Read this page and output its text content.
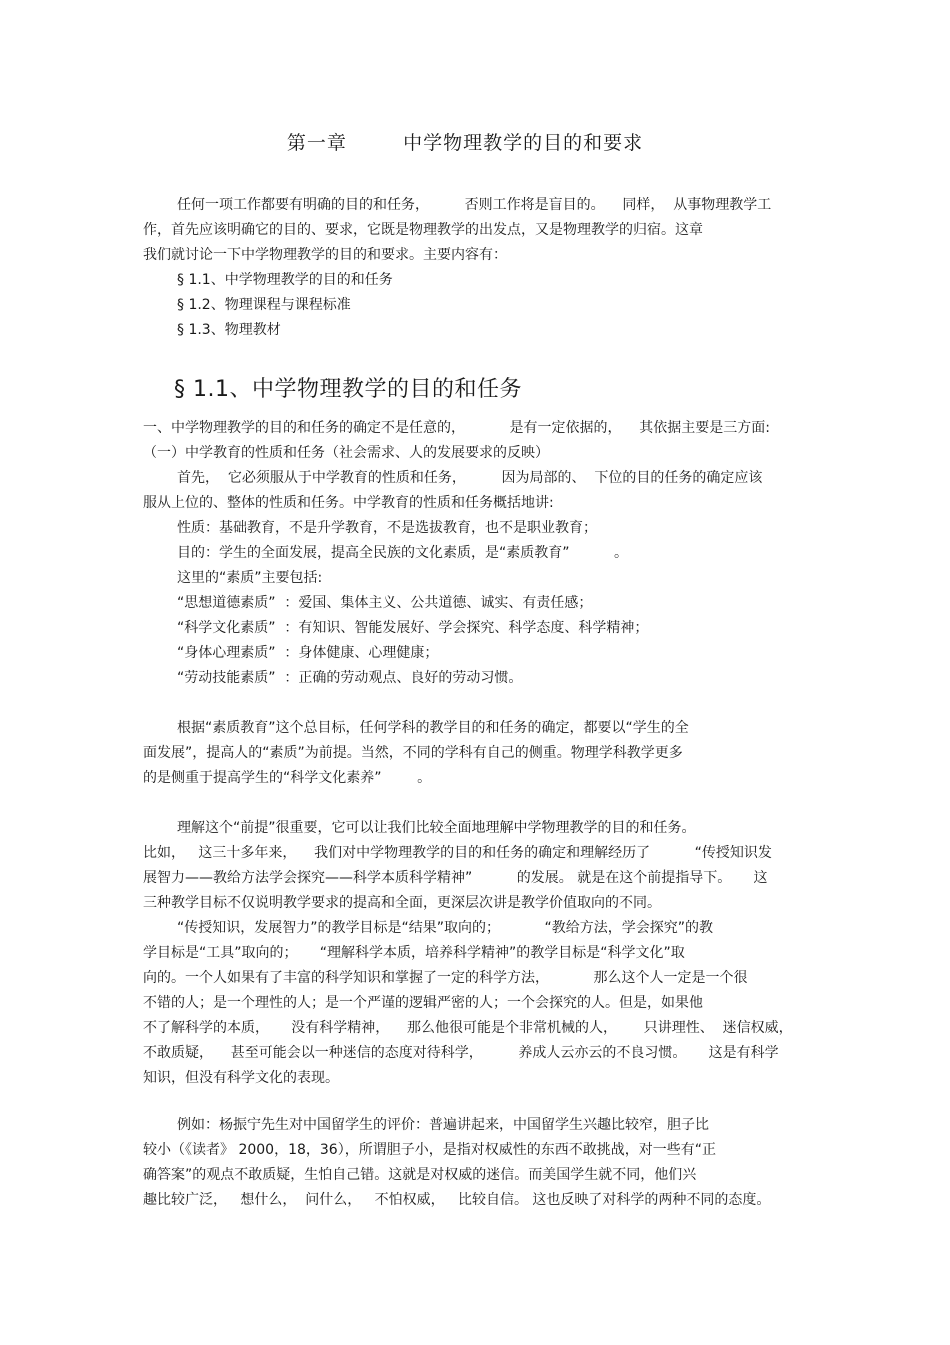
第一章        中学物理教学的目的和要求
任何一项工作都要有明确的目的和任务，        否则工作将是盲目的。    同样，  从事物理教学工
作，首先应该明确它的目的、要求，它既是物理教学的出发点，又是物理教学的归宿。这章
我们就讨论一下中学物理教学的目的和要求。主要内容有：
§ 1.1、中学物理教学的目的和任务
§ 1.2、物理课程与课程标准
§ 1.3、物理教材
§ 1.1、中学物理教学的目的和任务
一、中学物理教学的目的和任务的确定不是任意的，          是有一定依据的，    其依据主要是三方面:
（一）中学教育的性质和任务（社会需求、人的发展要求的反映）
首先，  它必须服从于中学教育的性质和任务，        因为局部的、  下位的目的任务的确定应该
服从上位的、整体的性质和任务。中学教育的性质和任务概括地讲:
性质：基础教育，不是升学教育，不是选拔教育，也不是职业教育；
目的：学生的全面发展，提高全民族的文化素质，是“素质教育”          。
这里的“素质”主要包括:
“思想道德素质”  ：爱国、集体主义、公共道德、诚实、有责任感；
“科学文化素质”  ：有知识、智能发展好、学会探究、科学态度、科学精神；
“身体心理素质”  ：身体健康、心理健康；
“劳动技能素质”  ：正确的劳动观点、良好的劳动习惯。
根据“素质教育”这个总目标，任何学科的教学目的和任务的确定，都要以“学生的全
面发展”，提高人的“素质”为前提。当然，不同的学科有自己的侧重。物理学科教学更多
的是侧重于提高学生的“科学文化素养”        。
理解这个“前提”很重要，它可以让我们比较全面地理解中学物理教学的目的和任务。
比如，   这三十多年来，    我们对中学物理教学的目的和任务的确定和理解经历了          “传授知识发
展智力——教给方法学会探究——科学本质科学精神”          的发展。 就是在这个前提指导下。     这
三种教学目标不仅说明教学要求的提高和全面，更深层次讲是教学价值取向的不同。
“传授知识，发展智力”的教学目标是“结果”取向的；          “教给方法，学会探究”的教
学目标是“工具”取向的；     “理解科学本质，培养科学精神”的教学目标是“科学文化”取
向的。一个人如果有了丰富的科学知识和掌握了一定的科学方法，          那么这个人一定是一个很
不错的人；是一个理性的人；是一个严谨的逻辑严密的人；一个会探究的人。但是，如果他
不了解科学的本质，     没有科学精神，    那么他很可能是个非常机械的人，      只讲理性、  迷信权威，
不敢质疑，    甚至可能会以一种迷信的态度对待科学，        养成人云亦云的不良习惯。     这是有科学
知识，但没有科学文化的表现。
例如：杨振宁先生对中国留学生的评价：普遍讲起来，中国留学生兴趣比较窄，胆子比
较小（《读者》 2000，18，36），所谓胆子小，是指对权威性的东西不敢挑战，对一些有“正
确答案”的观点不敢质疑，生怕自己错。这就是对权威的迷信。而美国学生就不同，他们兴
趣比较广泛，   想什么，  问什么，   不怕权威，   比较自信。 这也反映了对科学的两种不同的态度。
